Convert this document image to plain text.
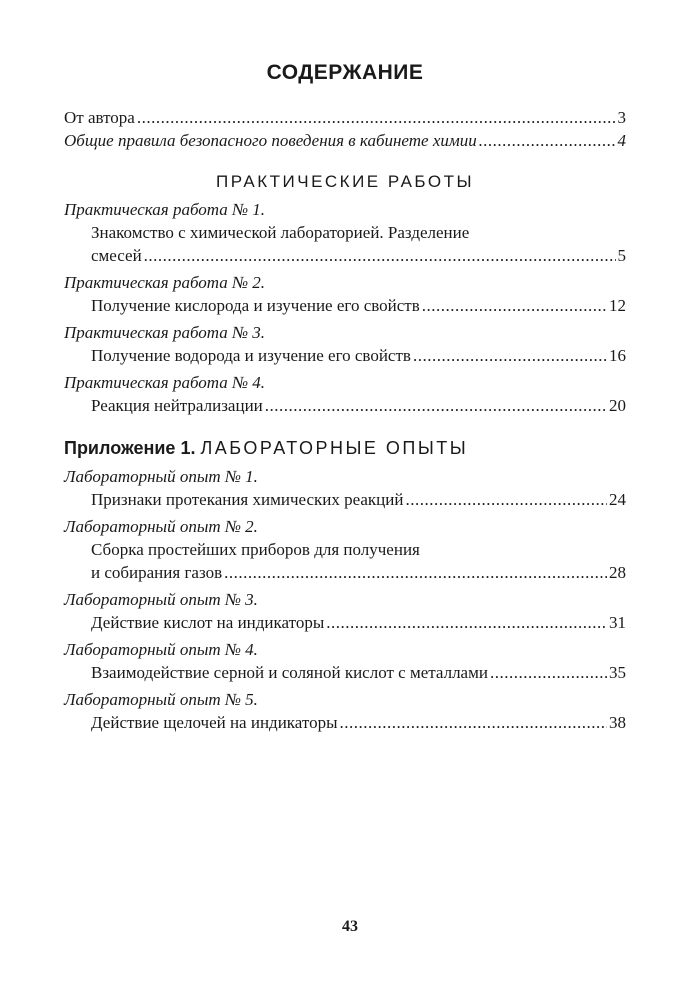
СОДЕРЖАНИЕ
От автора .....	3
Общие правила безопасного поведения в кабинете химии .....	4
ПРАКТИЧЕСКИЕ РАБОТЫ
Практическая работа № 1.
Знакомство с химической лабораторией. Разделение
смесей .....	5
Практическая работа № 2.
Получение кислорода и изучение его свойств .....	12
Практическая работа № 3.
Получение водорода и изучение его свойств .....	16
Практическая работа № 4.
Реакция нейтрализации .....	20
Приложение 1. ЛАБОРАТОРНЫЕ ОПЫТЫ
Лабораторный опыт № 1.
Признаки протекания химических реакций .....	24
Лабораторный опыт № 2.
Сборка простейших приборов для получения
и собирания газов .....	28
Лабораторный опыт № 3.
Действие кислот на индикаторы .....	31
Лабораторный опыт № 4.
Взаимодействие серной и соляной кислот с металлами .....	35
Лабораторный опыт № 5.
Действие щелочей на индикаторы .....	38
43
